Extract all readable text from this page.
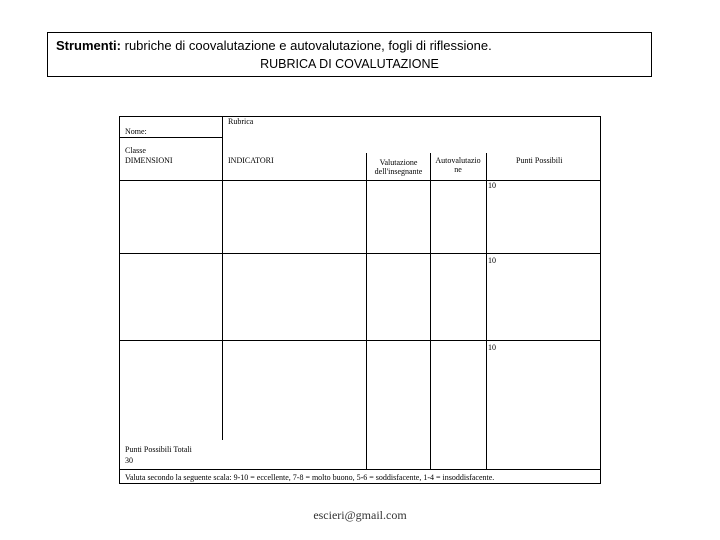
Strumenti: rubriche di coovalutazione e autovalutazione, fogli di riflessione.
RUBRICA DI COVALUTAZIONE
Rubrica
Nome:
Classe
DIMENSIONI	INDICATORI	Valutazione
dell'insegnante
Autovalutazio
ne
Punti Possibili
10
10
10
Punti Possibili Totali
30
Valuta secondo la seguente scala: 9-10 = eccellente, 7-8 = molto buono, 5-6 = soddisfacente, 1-4 = insoddisfacente.
escieri@gmail.com
